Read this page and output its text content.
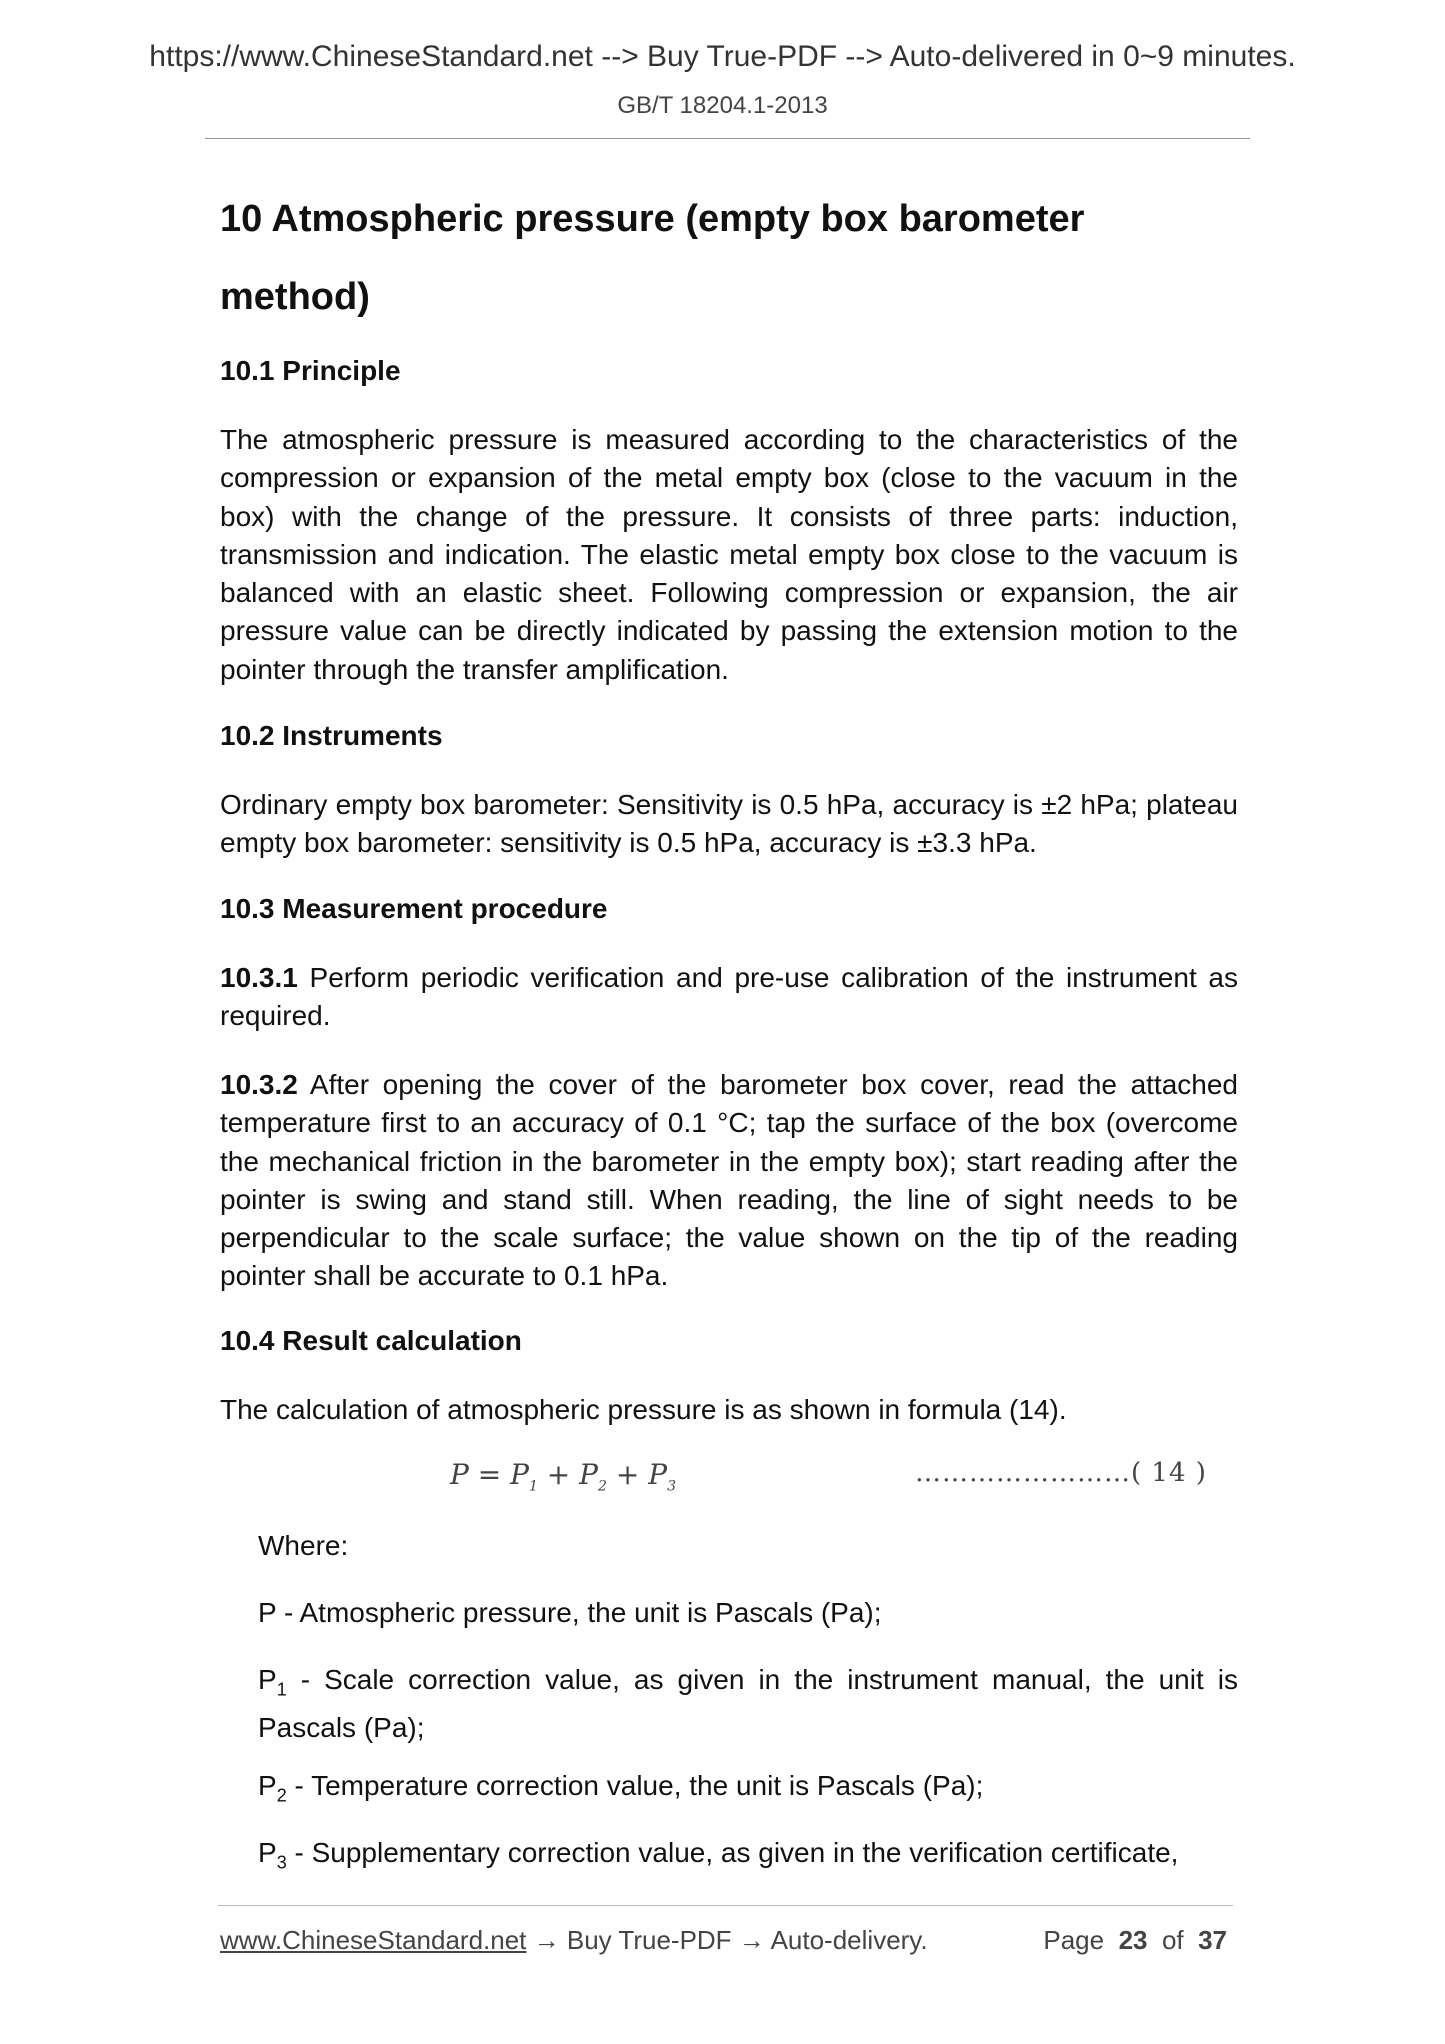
https://www.ChineseStandard.net --> Buy True-PDF --> Auto-delivered in 0~9 minutes.
GB/T 18204.1-2013
10 Atmospheric pressure (empty box barometer
method)
10.1 Principle
The atmospheric pressure is measured according to the characteristics of the compression or expansion of the metal empty box (close to the vacuum in the box) with the change of the pressure. It consists of three parts: induction, transmission and indication. The elastic metal empty box close to the vacuum is balanced with an elastic sheet. Following compression or expansion, the air pressure value can be directly indicated by passing the extension motion to the pointer through the transfer amplification.
10.2 Instruments
Ordinary empty box barometer: Sensitivity is 0.5 hPa, accuracy is ±2 hPa; plateau empty box barometer: sensitivity is 0.5 hPa, accuracy is ±3.3 hPa.
10.3 Measurement procedure
10.3.1 Perform periodic verification and pre-use calibration of the instrument as required.
10.3.2 After opening the cover of the barometer box cover, read the attached temperature first to an accuracy of 0.1 °C; tap the surface of the box (overcome the mechanical friction in the barometer in the empty box); start reading after the pointer is swing and stand still. When reading, the line of sight needs to be perpendicular to the scale surface; the value shown on the tip of the reading pointer shall be accurate to 0.1 hPa.
10.4 Result calculation
The calculation of atmospheric pressure is as shown in formula (14).
$P = P_1 + P_2 + P_3$	……………………( 14 )
Where:
P - Atmospheric pressure, the unit is Pascals (Pa);
$P_1$ - Scale correction value, as given in the instrument manual, the unit is Pascals (Pa);
$P_2$ - Temperature correction value, the unit is Pascals (Pa);
$P_3$ - Supplementary correction value, as given in the verification certificate,
www.ChineseStandard.net → Buy True-PDF → Auto-delivery.	Page 23 of 37
